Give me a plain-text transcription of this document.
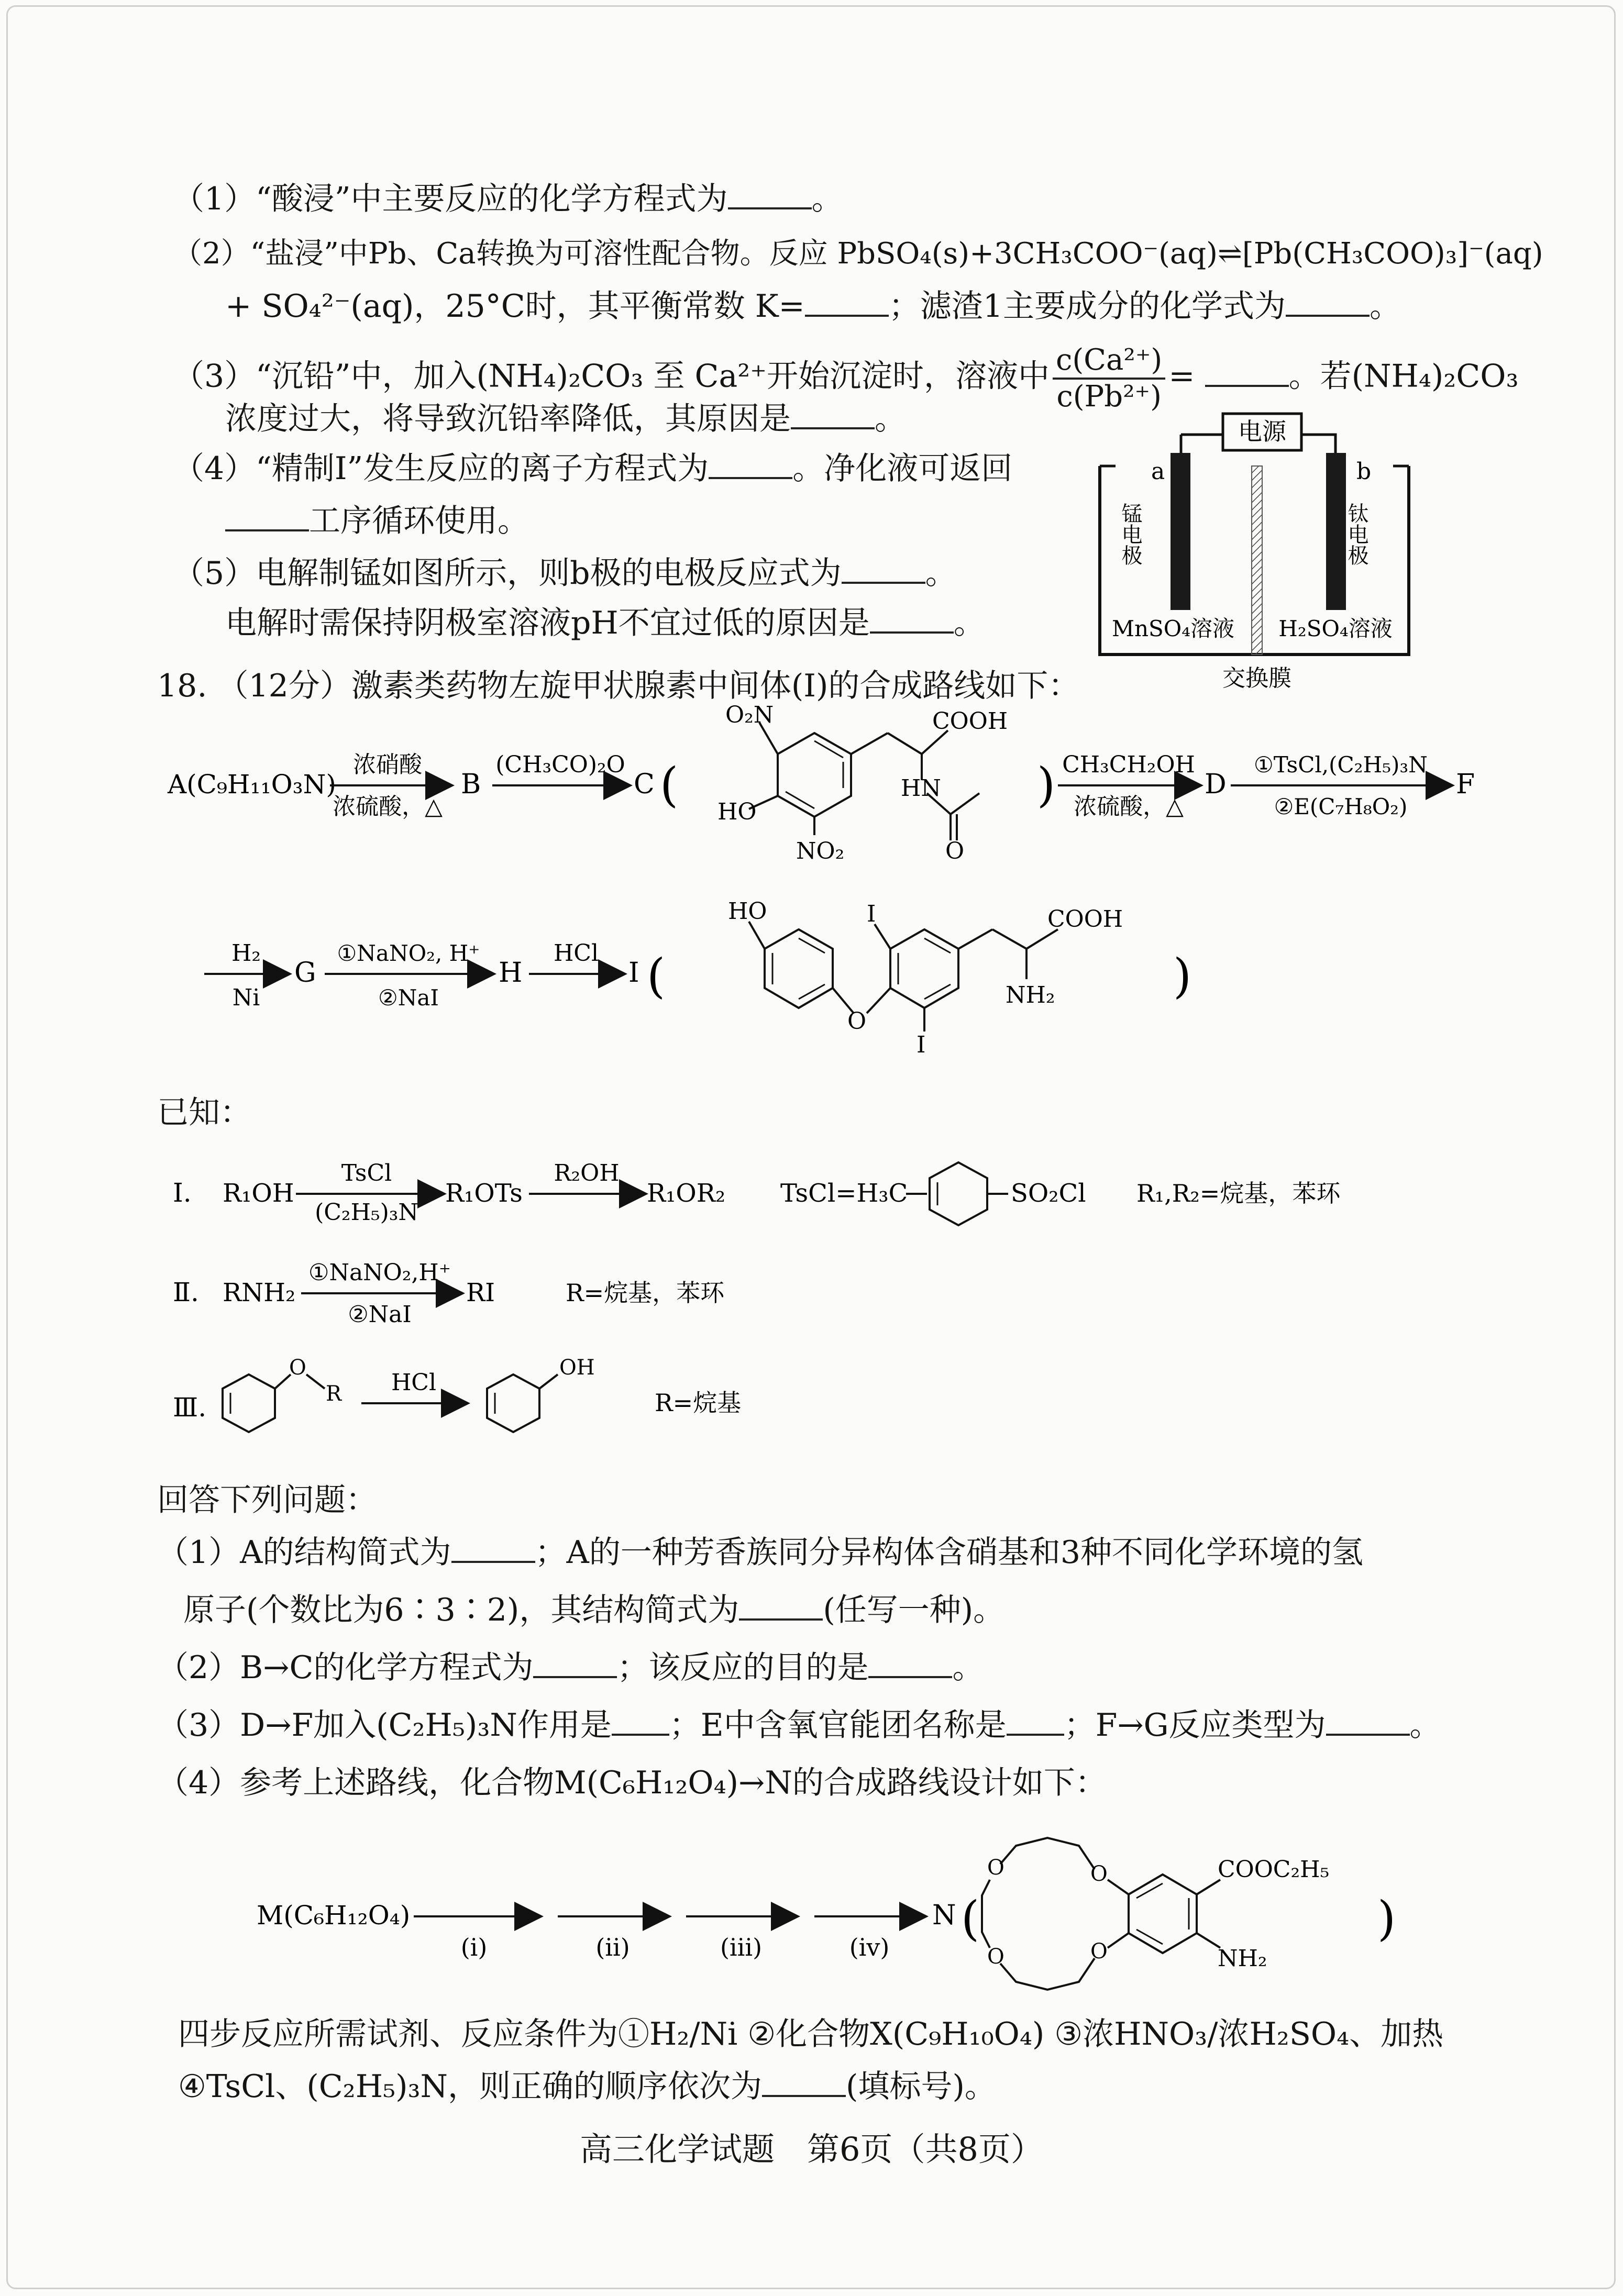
（1）“酸浸”中主要反应的化学方程式为	。
（2）“盐浸”中Pb、Ca转换为可溶性配合物。反应 PbSO₄(s)+3CH₃COO⁻(aq)⇌[Pb(CH₃COO)₃]⁻(aq)
+ SO₄²⁻(aq)，25°C时，其平衡常数 K=	；滤渣1主要成分的化学式为	。
（3）“沉铅”中，加入(NH₄)₂CO₃ 至 Ca²⁺开始沉淀时，溶液中 $\frac{\text{c(Ca²⁺)}}{\text{c(Pb²⁺)}}$ =	。若(NH₄)₂CO₃
浓度过大，将导致沉铅率降低，其原因是	。
（4）“精制Ⅰ”发生反应的离子方程式为	。净化液可返回
工序循环使用。
（5）电解制锰如图所示，则b极的电极反应式为	。
电解时需保持阴极室溶液pH不宜过低的原因是	。
电源
a	b
锰电极	钛电极
MnSO₄溶液 H₂SO₄溶液
交换膜
18. （12分）激素类药物左旋甲状腺素中间体(I)的合成路线如下：
A(C₉H₁₁O₃N)
浓硝酸
浓硫酸，△
B
(CH₃CO)₂O
C (
O₂N
HO
NO₂
COOH
HN
O
) CH₃CH₂OH
浓硫酸，△
D
①TsCl,(C₂H₅)₃N
②E(C₇H₈O₂)
F
H₂
Ni
G
①NaNO₂, H⁺
②NaI
H
HCl
I (
HO
O
I
I
COOH
NH₂	)
已知：
Ⅰ. R₁OH
TsCl
(C₂H₅)₃N
R₁OTs
R₂OH
R₁OR₂ TsCl=H₃C	SO₂Cl R₁,R₂=烷基，苯环
Ⅱ. RNH₂
①NaNO₂,H⁺
②NaI
RI	R=烷基，苯环
Ⅲ.
O
R HCl
OH
R=烷基
回答下列问题：
（1）A的结构简式为	；A的一种芳香族同分异构体含硝基和3种不同化学环境的氢
原子(个数比为6∶3∶2)，其结构简式为	(任写一种)。
（2）B→C的化学方程式为	；该反应的目的是	。
（3）D→F加入(C₂H₅)₃N作用是 ；E中含氧官能团名称是 ；F→G反应类型为	。
（4）参考上述路线，化合物M(C₆H₁₂O₄)→N的合成路线设计如下：
M(C₆H₁₂O₄)
(i)	(ii)	(iii)	(iv)
N (
O
O
O
O
COOC₂H₅
NH₂
)
四步反应所需试剂、反应条件为①H₂/Ni ②化合物X(C₉H₁₀O₄) ③浓HNO₃/浓H₂SO₄、加热
④TsCl、(C₂H₅)₃N，则正确的顺序依次为	(填标号)。
高三化学试题　第6页（共8页）
